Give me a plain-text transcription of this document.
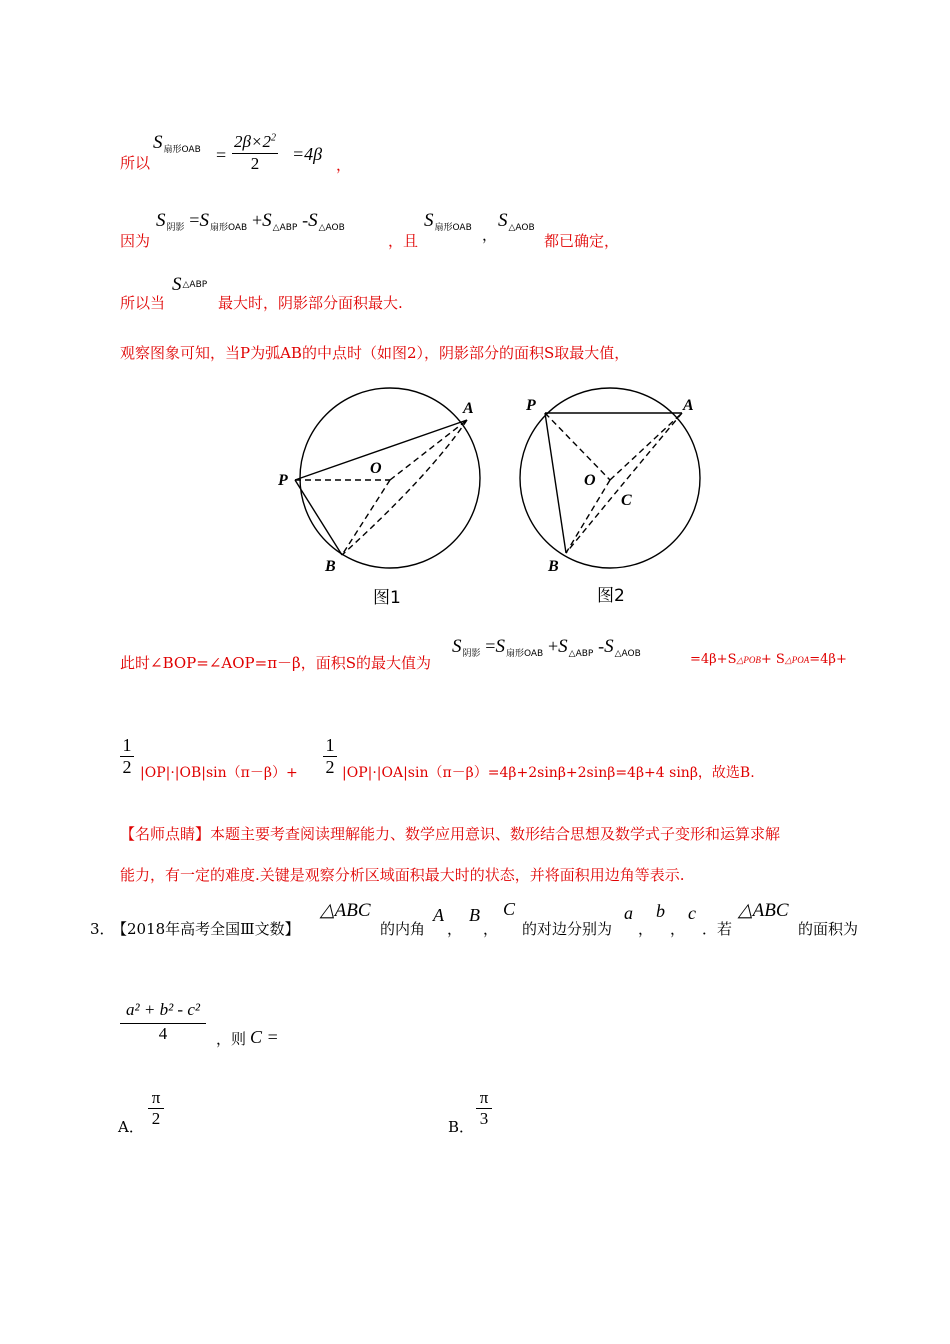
所以
$S_{扇形OAB}$ =
$2\beta\times 2^2$
2	=4β
，
因为
$S_{阴影} =S_{扇形OAB} +S_{\triangle ABP}$ $-S_{\triangle AOB}$
，且
$S_{扇形OAB}$ ，
$S_{\triangle AOB}$
都已确定，
所以当
$S^{\triangle ABP}$
最大时，阴影部分面积最大.
观察图象可知，当P为弧AB的中点时（如图2），阴影部分的面积S取最大值，
A
P
B
O
图1
A
P
B
O
C
图2
此时∠BOP=∠AOP=π－β，面积S的最大值为
$S_{阴影} =S_{扇形OAB} +S_{\triangle ABP}$ $-S_{\triangle AOB}$	=4β+S△POB+ S△POA=4β+
1
2 |OP|·|OB|sin（π－β）+
1
2 |OP|·|OA|sin（π－β）=4β+2sinβ+2sinβ=4β+4 sinβ，故选B.
【名师点睛】本题主要考查阅读理解能力、数学应用意识、数形结合思想及数学式子变形和运算求解
能力，有一定的难度.关键是观察分析区域面积最大时的状态，并将面积用边角等表示.
3．
【2018年高考全国Ⅲ文数】
△ABC
的内角
A
，
B
，
C
的对边分别为
a
，
b
，
c
．若
△ABC
的面积为
a² + b² - c²
4	，则 C =
A．
π
2	B．
π
3
